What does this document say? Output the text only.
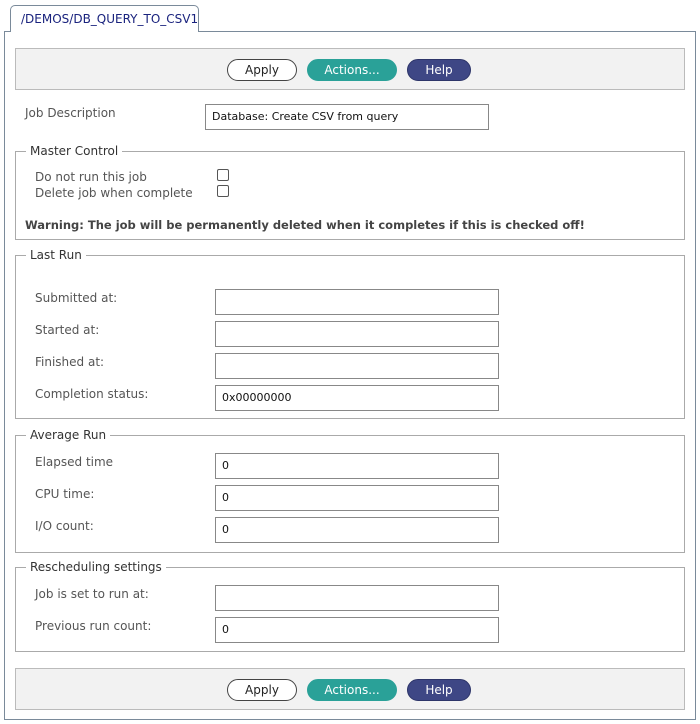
/DEMOS/DB_QUERY_TO_CSV1
Apply	Actions...	Help
Job Description	Database: Create CSV from query
Master Control
Do not run this job
Delete job when complete
Warning: The job will be permanently deleted when it completes if this is checked off!
Last Run
Submitted at:
Started at:
Finished at:
Completion status:	0x00000000
Average Run
Elapsed time	0
CPU time:	0
I/O count:	0
Rescheduling settings
Job is set to run at:
Previous run count:	0
Apply	Actions...	Help
